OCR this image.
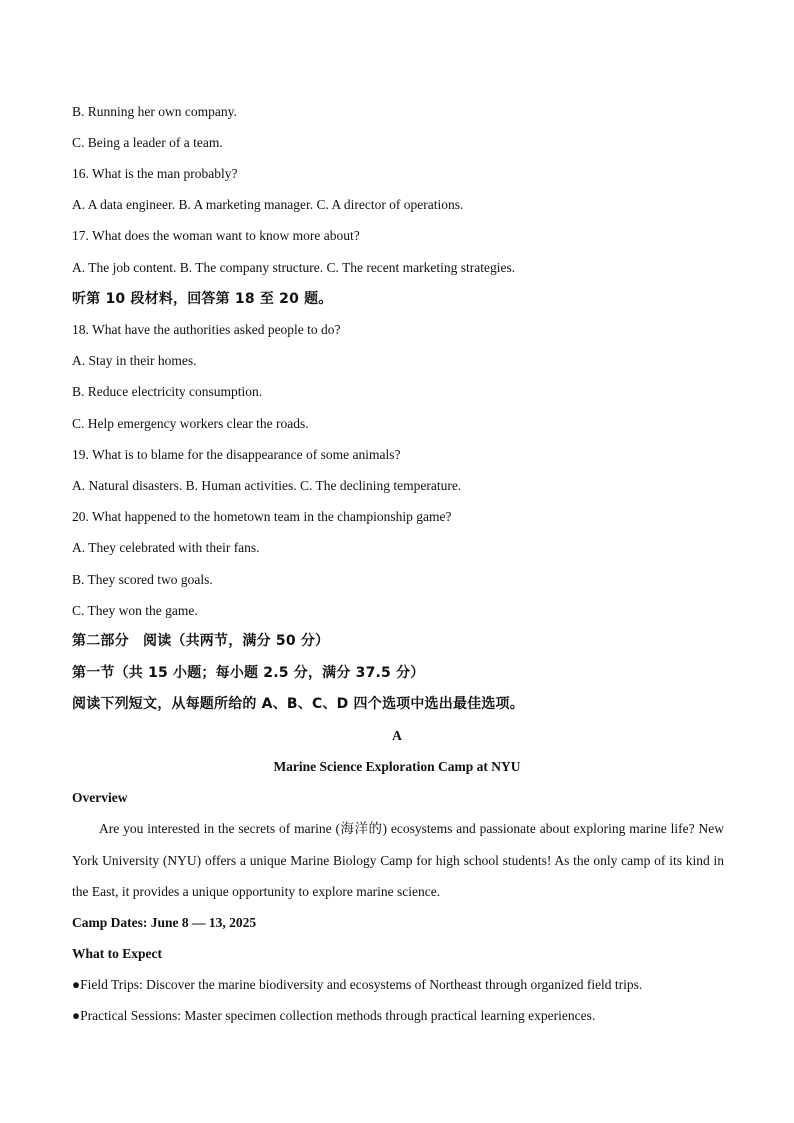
B. Running her own company.
C. Being a leader of a team.
16. What is the man probably?
A. A data engineer. B. A marketing manager. C. A director of operations.
17. What does the woman want to know more about?
A. The job content. B. The company structure. C. The recent marketing strategies.
听第 10 段材料，回答第 18 至 20 题。
18. What have the authorities asked people to do?
A. Stay in their homes.
B. Reduce electricity consumption.
C. Help emergency workers clear the roads.
19. What is to blame for the disappearance of some animals?
A. Natural disasters. B. Human activities. C. The declining temperature.
20. What happened to the hometown team in the championship game?
A. They celebrated with their fans.
B. They scored two goals.
C. They won the game.
第二部分　阅读（共两节，满分 50 分）
第一节（共 15 小题；每小题 2.5 分，满分 37.5 分）
阅读下列短文，从每题所给的 A、B、C、D 四个选项中选出最佳选项。
A
Marine Science Exploration Camp at NYU
Overview
Are you interested in the secrets of marine (海洋的) ecosystems and passionate about exploring marine life? New York University (NYU) offers a unique Marine Biology Camp for high school students! As the only camp of its kind in the East, it provides a unique opportunity to explore marine science.
Camp Dates: June 8 — 13, 2025
What to Expect
●Field Trips: Discover the marine biodiversity and ecosystems of Northeast through organized field trips.
●Practical Sessions: Master specimen collection methods through practical learning experiences.
